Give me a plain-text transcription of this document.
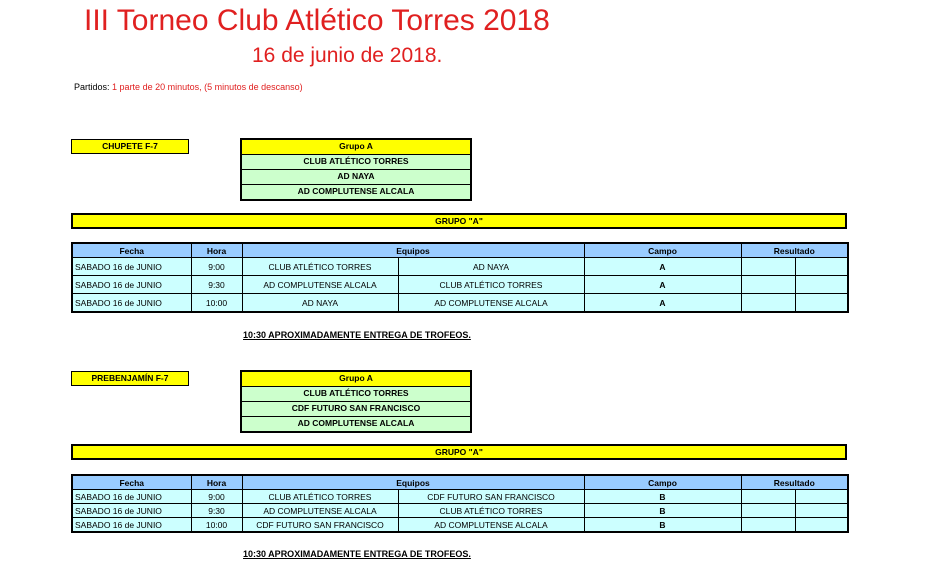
III Torneo Club Atlético Torres 2018
16 de junio de 2018.
Partidos: 1 parte de 20 minutos, (5 minutos de descanso)
CHUPETE F-7	Grupo A
CLUB ATLÉTICO TORRES
AD NAYA
AD COMPLUTENSE ALCALA
GRUPO "A"
Fecha	Hora	Equipos		Campo	Resultado	
SABADO 16 de JUNIO	9:00	CLUB ATLÉTICO TORRES	AD NAYA	A		
SABADO 16 de JUNIO	9:30	AD COMPLUTENSE ALCALA	CLUB ATLÉTICO TORRES	A		
SABADO 16 de JUNIO	10:00	AD NAYA	AD COMPLUTENSE ALCALA	A		
10:30 APROXIMADAMENTE ENTREGA DE TROFEOS.
PREBENJAMÍN F-7	Grupo A
CLUB ATLÉTICO TORRES
CDF FUTURO SAN FRANCISCO
AD COMPLUTENSE ALCALA
GRUPO "A"
Fecha	Hora	Equipos		Campo	Resultado	
SABADO 16 de JUNIO	9:00	CLUB ATLÉTICO TORRES	CDF FUTURO SAN FRANCISCO	B		
SABADO 16 de JUNIO	9:30	AD COMPLUTENSE ALCALA	CLUB ATLÉTICO TORRES	B		
SABADO 16 de JUNIO	10:00	CDF FUTURO SAN FRANCISCO	AD COMPLUTENSE ALCALA	B		
10:30 APROXIMADAMENTE ENTREGA DE TROFEOS.
